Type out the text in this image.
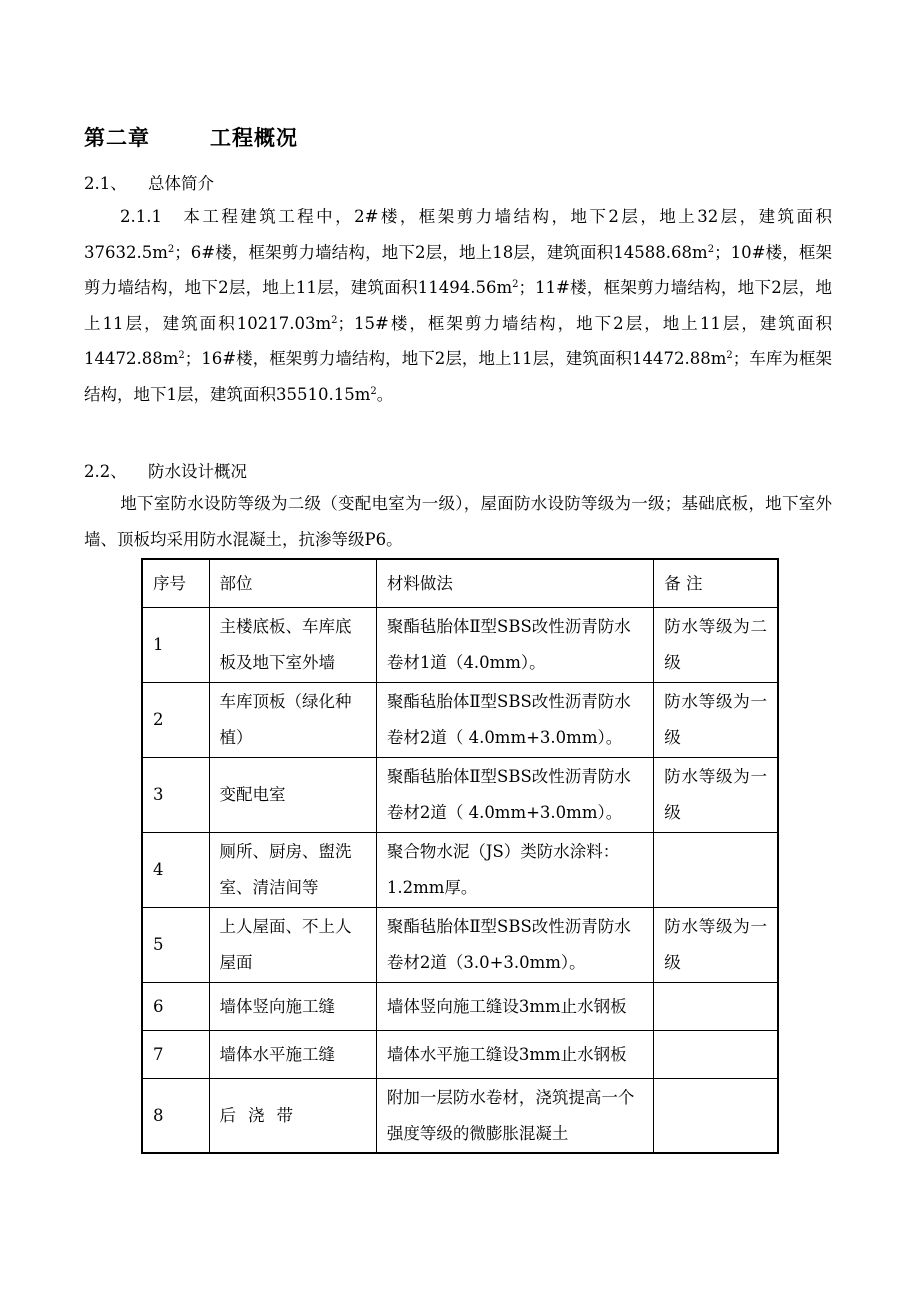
第二章	工程概况
2.1、 总体简介
2.1.1　本工程建筑工程中，2#楼，框架剪力墙结构，地下2层，地上32层，建筑面积$37632.5m^2$；6#楼，框架剪力墙结构，地下2层，地上18层，建筑面积$14588.68m^2$；10#楼，框架剪力墙结构，地下2层，地上11层，建筑面积$11494.56m^2$；11#楼，框架剪力墙结构，地下2层，地上11层，建筑面积$10217.03m^2$；15#楼，框架剪力墙结构，地下2层，地上11层，建筑面积$14472.88m^2$；16#楼，框架剪力墙结构，地下2层，地上11层，建筑面积$14472.88m^2$；车库为框架结构，地下1层，建筑面积$35510.15m^2$。
2.2、 防水设计概况
地下室防水设防等级为二级（变配电室为一级），屋面防水设防等级为一级；基础底板，地下室外墙、顶板均采用防水混凝土，抗渗等级P6。
序号	部位	材料做法	备 注
1	主楼底板、车库底板及地下室外墙	聚酯毡胎体Ⅱ型SBS改性沥青防水卷材1道（4.0mm）。	防水等级为二级
2	车库顶板（绿化种植）	聚酯毡胎体Ⅱ型SBS改性沥青防水卷材2道（ 4.0mm+3.0mm）。	防水等级为一级
3	变配电室	聚酯毡胎体Ⅱ型SBS改性沥青防水卷材2道（ 4.0mm+3.0mm）。	防水等级为一级
4	厕所、厨房、盥洗室、清洁间等	聚合物水泥（JS）类防水涂料：1.2mm厚。	
5	上人屋面、不上人屋面	聚酯毡胎体Ⅱ型SBS改性沥青防水卷材2道（3.0+3.0mm）。	防水等级为一级
6	墙体竖向施工缝	墙体竖向施工缝设3mm止水钢板	
7	墙体水平施工缝	墙体水平施工缝设3mm止水钢板	
8	后浇带	附加一层防水卷材，浇筑提高一个强度等级的微膨胀混凝土	
